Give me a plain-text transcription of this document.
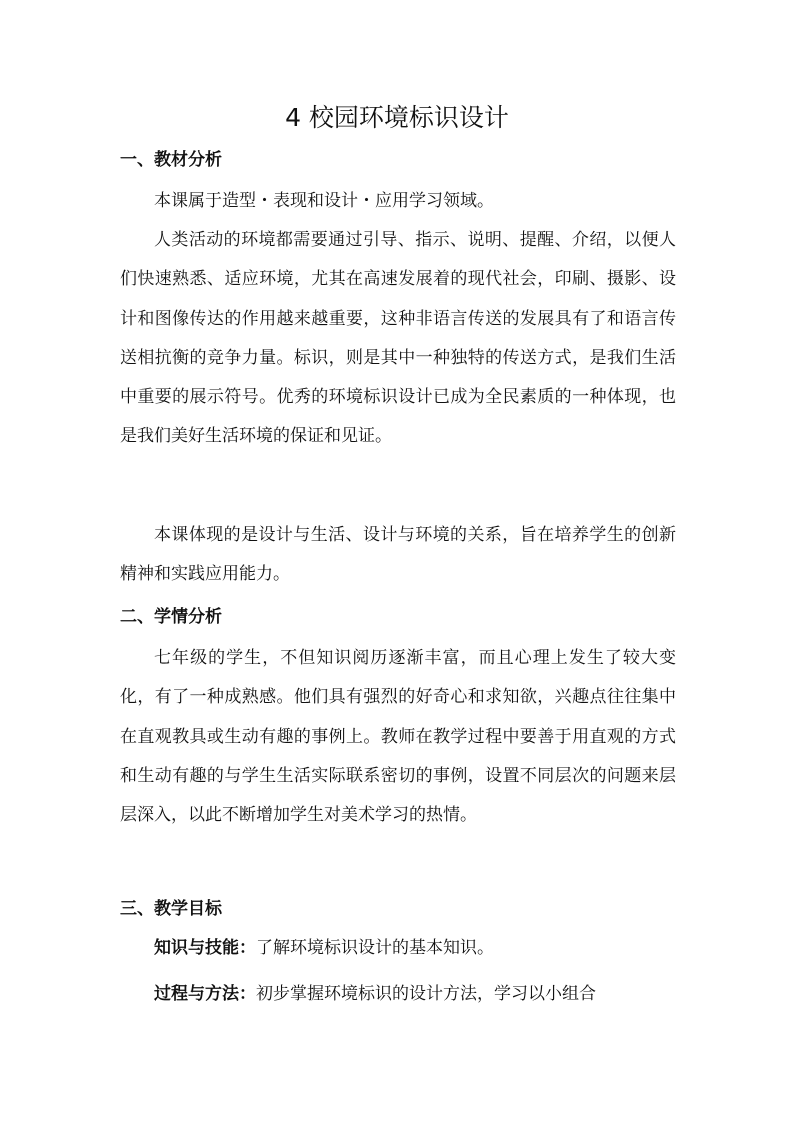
4 校园环境标识设计
一、教材分析

本课属于造型・表现和设计・应用学习领域。

人类活动的环境都需要通过引导、指示、说明、提醒、介绍，以便人们快速熟悉、适应环境，尤其在高速发展着的现代社会，印刷、摄影、设计和图像传达的作用越来越重要，这种非语言传送的发展具有了和语言传送相抗衡的竞争力量。标识，则是其中一种独特的传送方式，是我们生活中重要的展示符号。优秀的环境标识设计已成为全民素质的一种体现，也是我们美好生活环境的保证和见证。

本课体现的是设计与生活、设计与环境的关系，旨在培养学生的创新精神和实践应用能力。

二、学情分析

七年级的学生，不但知识阅历逐渐丰富，而且心理上发生了较大变化，有了一种成熟感。他们具有强烈的好奇心和求知欲，兴趣点往往集中在直观教具或生动有趣的事例上。教师在教学过程中要善于用直观的方式和生动有趣的与学生生活实际联系密切的事例，设置不同层次的问题来层层深入，以此不断增加学生对美术学习的热情。

三、教学目标

知识与技能：了解环境标识设计的基本知识。

过程与方法：初步掌握环境标识的设计方法，学习以小组合
